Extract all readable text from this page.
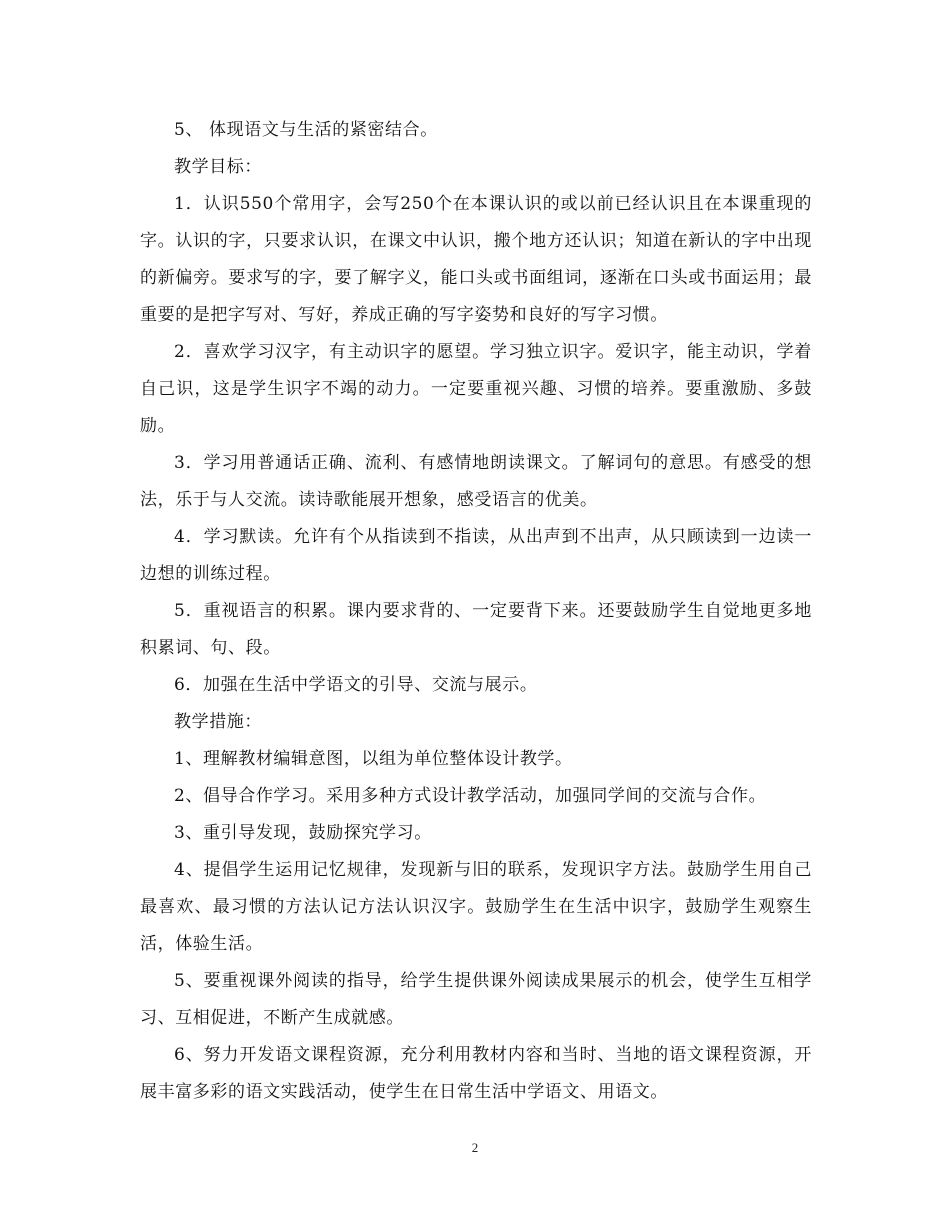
5、 体现语文与生活的紧密结合。

教学目标：

1．认识550个常用字，会写250个在本课认识的或以前已经认识且在本课重现的字。认识的字，只要求认识，在课文中认识，搬个地方还认识；知道在新认的字中出现的新偏旁。要求写的字，要了解字义，能口头或书面组词，逐渐在口头或书面运用；最重要的是把字写对、写好，养成正确的写字姿势和良好的写字习惯。

2．喜欢学习汉字，有主动识字的愿望。学习独立识字。爱识字，能主动识，学着自己识，这是学生识字不竭的动力。一定要重视兴趣、习惯的培养。要重激励、多鼓励。

3．学习用普通话正确、流利、有感情地朗读课文。了解词句的意思。有感受的想法，乐于与人交流。读诗歌能展开想象，感受语言的优美。

4．学习默读。允许有个从指读到不指读，从出声到不出声，从只顾读到一边读一边想的训练过程。

5．重视语言的积累。课内要求背的、一定要背下来。还要鼓励学生自觉地更多地积累词、句、段。

6．加强在生活中学语文的引导、交流与展示。

教学措施：

1、理解教材编辑意图，以组为单位整体设计教学。

2、倡导合作学习。采用多种方式设计教学活动，加强同学间的交流与合作。

3、重引导发现，鼓励探究学习。

4、提倡学生运用记忆规律，发现新与旧的联系，发现识字方法。鼓励学生用自己最喜欢、最习惯的方法认记方法认识汉字。鼓励学生在生活中识字，鼓励学生观察生活，体验生活。

5、要重视课外阅读的指导，给学生提供课外阅读成果展示的机会，使学生互相学习、互相促进，不断产生成就感。

6、努力开发语文课程资源，充分利用教材内容和当时、当地的语文课程资源，开展丰富多彩的语文实践活动，使学生在日常生活中学语文、用语文。

2
